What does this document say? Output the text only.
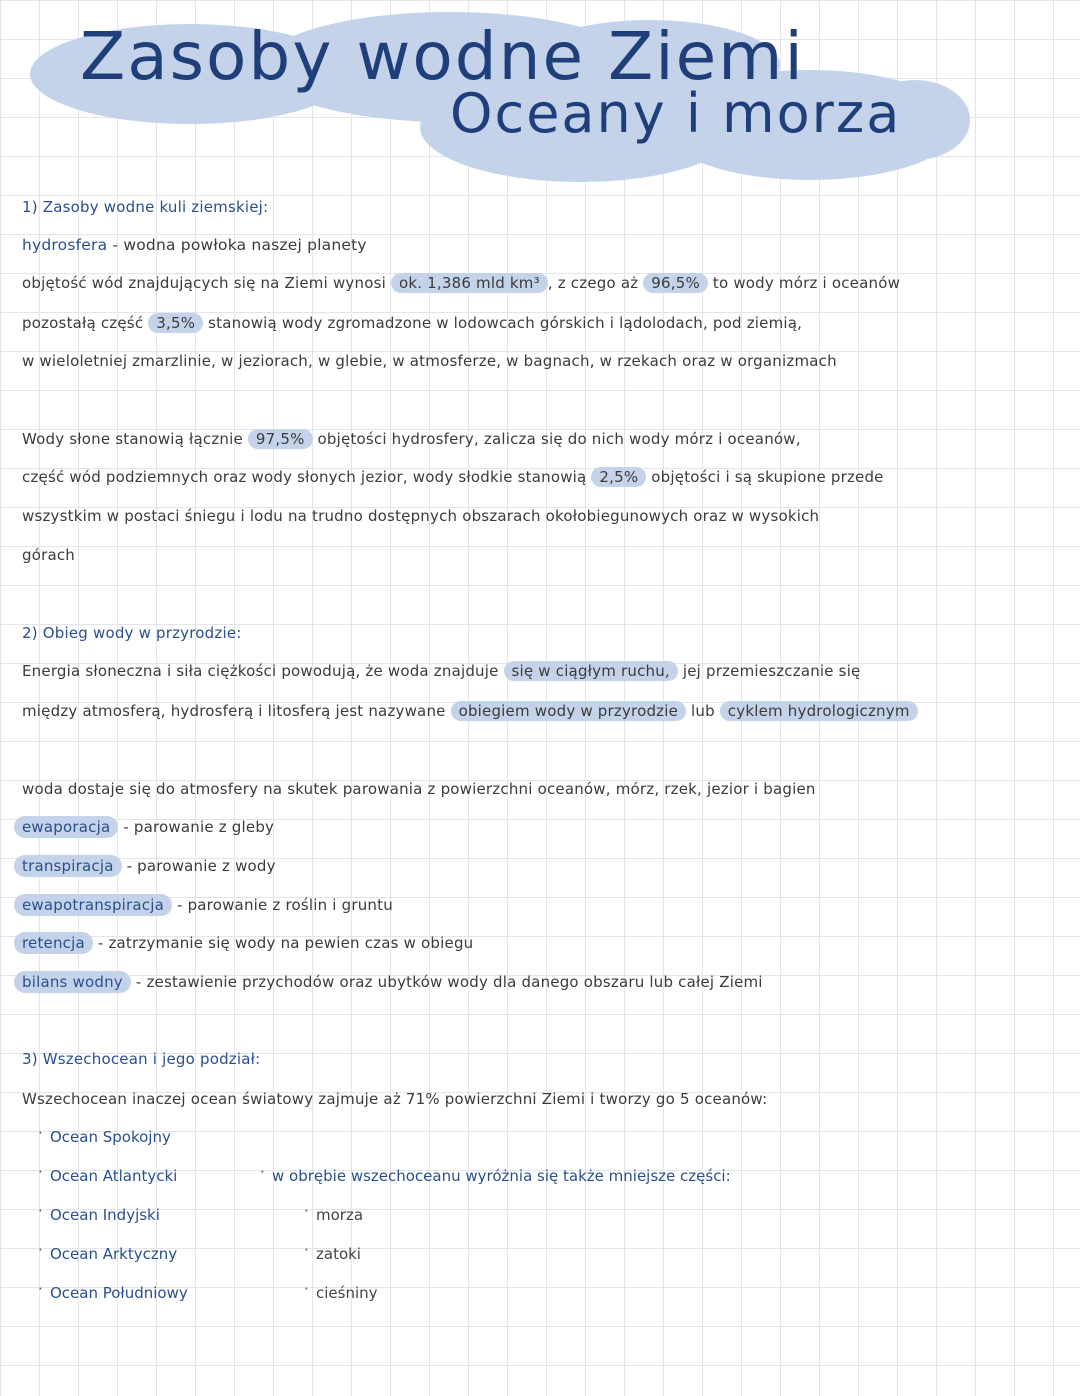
Zasoby wodne Ziemi
Oceany i morza
1) Zasoby wodne kuli ziemskiej:
hydrosfera - wodna powłoka naszej planety
objętość wód znajdujących się na Ziemi wynosi ok. 1,386 mld km³ , z czego aż 96,5% to wody mórz i oceanów
pozostałą część 3,5% stanowią wody zgromadzone w lodowcach górskich i lądolodach, pod ziemią,
w wieloletniej zmarzlinie, w jeziorach, w glebie, w atmosferze, w bagnach, w rzekach oraz w organizmach
Wody słone stanowią łącznie 97,5% objętości hydrosfery, zalicza się do nich wody mórz i oceanów,
część wód podziemnych oraz wody słonych jezior, wody słodkie stanowią 2,5% objętości i są skupione przede
wszystkim w postaci śniegu i lodu na trudno dostępnych obszarach okołobiegunowych oraz w wysokich
górach
2) Obieg wody w przyrodzie:
Energia słoneczna i siła ciężkości powodują, że woda znajduje się w ciągłym ruchu, jej przemieszczanie się
między atmosferą, hydrosferą i litosferą jest nazywane obiegiem wody w przyrodzie lub cyklem hydrologicznym
woda dostaje się do atmosfery na skutek parowania z powierzchni oceanów, mórz, rzek, jezior i bagien
ewaporacja - parowanie z gleby
transpiracja - parowanie z wody
ewapotranspiracja - parowanie z roślin i gruntu
retencja - zatrzymanie się wody na pewien czas w obiegu
bilans wodny - zestawienie przychodów oraz ubytków wody dla danego obszaru lub całej Ziemi
3) Wszechocean i jego podział:
Wszechocean inaczej ocean światowy zajmuje aż 71% powierzchni Ziemi i tworzy go 5 oceanów:
· Ocean Spokojny
· Ocean Atlantycki
· Ocean Indyjski
· Ocean Arktyczny
· Ocean Południowy
· w obrębie wszechoceanu wyróżnia się także mniejsze części:
· morza
· zatoki
· cieśniny
